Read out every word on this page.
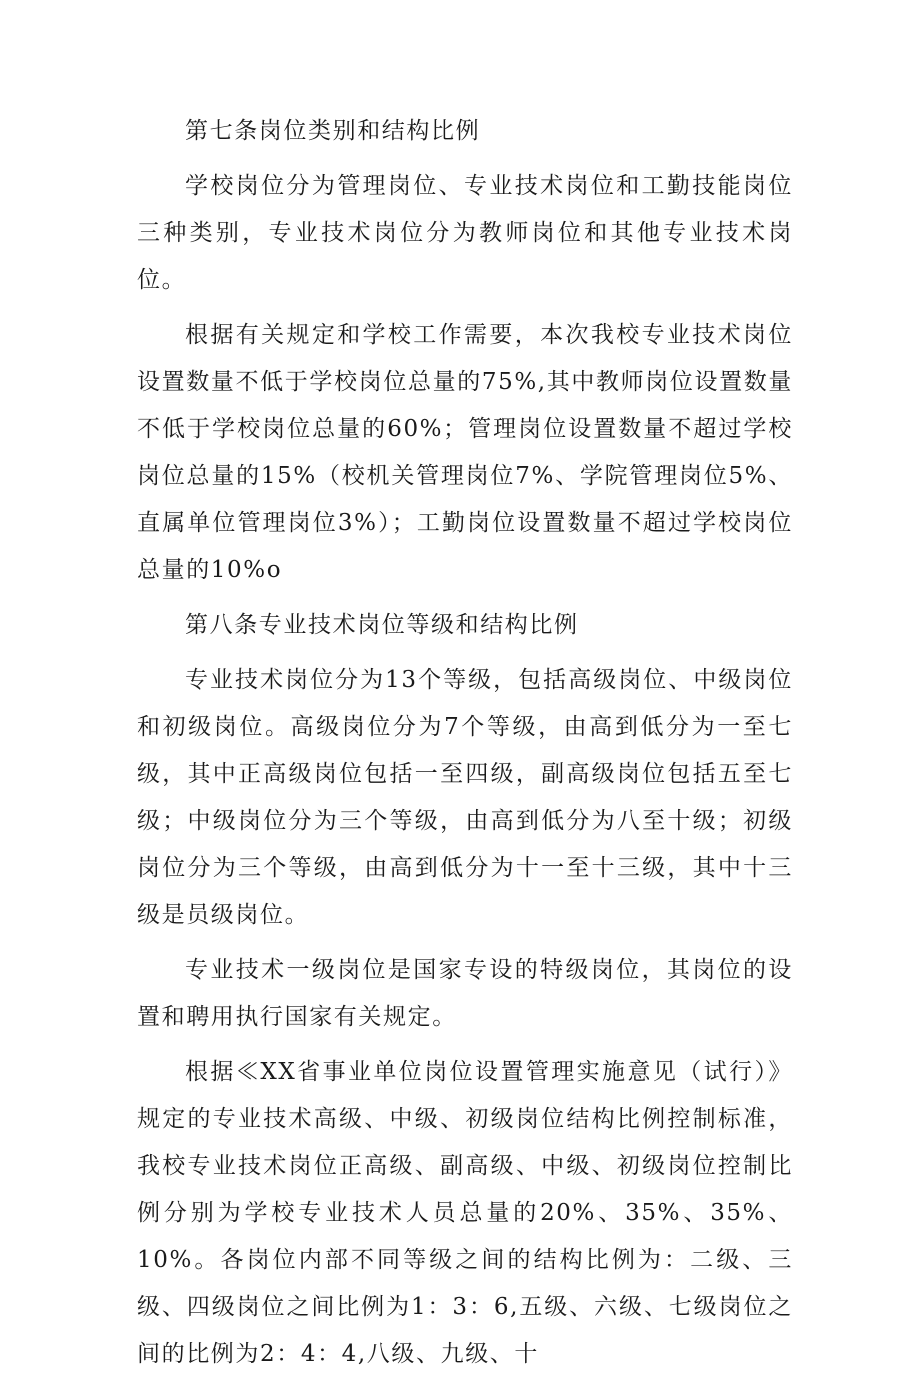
第七条岗位类别和结构比例

学校岗位分为管理岗位、专业技术岗位和工勤技能岗位三种类别，专业技术岗位分为教师岗位和其他专业技术岗位。

根据有关规定和学校工作需要，本次我校专业技术岗位设置数量不低于学校岗位总量的75%,其中教师岗位设置数量不低于学校岗位总量的60%；管理岗位设置数量不超过学校岗位总量的15%（校机关管理岗位7%、学院管理岗位5%、直属单位管理岗位3%）；工勤岗位设置数量不超过学校岗位总量的10%o

第八条专业技术岗位等级和结构比例

专业技术岗位分为13个等级，包括高级岗位、中级岗位和初级岗位。高级岗位分为7个等级，由高到低分为一至七级，其中正高级岗位包括一至四级，副高级岗位包括五至七级；中级岗位分为三个等级，由高到低分为八至十级；初级岗位分为三个等级，由高到低分为十一至十三级，其中十三级是员级岗位。

专业技术一级岗位是国家专设的特级岗位，其岗位的设置和聘用执行国家有关规定。

根据≪XX省事业单位岗位设置管理实施意见（试行）》规定的专业技术高级、中级、初级岗位结构比例控制标准，我校专业技术岗位正高级、副高级、中级、初级岗位控制比例分别为学校专业技术人员总量的20%、35%、35%、10%。各岗位内部不同等级之间的结构比例为：二级、三级、四级岗位之间比例为1：3：6,五级、六级、七级岗位之间的比例为2：4：4,八级、九级、十
